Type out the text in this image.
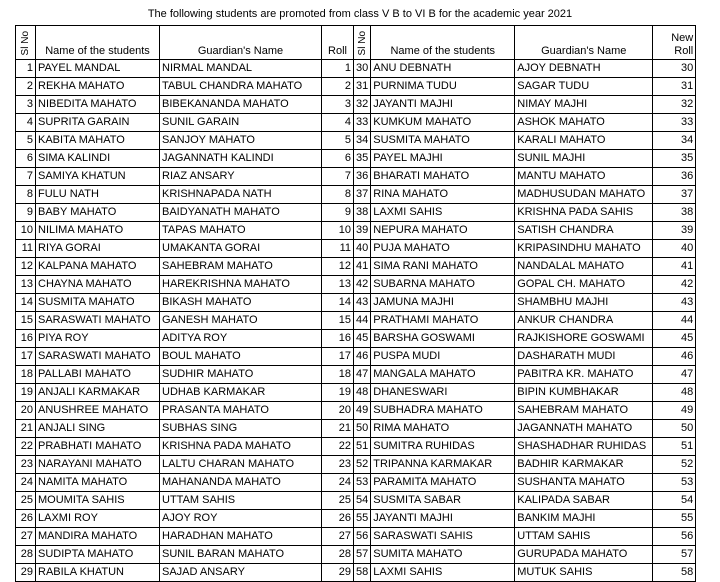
The following students are promoted from class V B to VI B for the academic year 2021
Sl No	Name of the students	Guardian's Name	Roll	Sl No	Name of the students	Guardian's Name	New Roll
1	PAYEL MANDAL	NIRMAL MANDAL	1	30	ANU DEBNATH	AJOY DEBNATH	30
2	REKHA MAHATO	TABUL CHANDRA MAHATO	2	31	PURNIMA TUDU	SAGAR TUDU	31
3	NIBEDITA MAHATO	BIBEKANANDA MAHATO	3	32	JAYANTI MAJHI	NIMAY MAJHI	32
4	SUPRITA GARAIN	SUNIL GARAIN	4	33	KUMKUM MAHATO	ASHOK MAHATO	33
5	KABITA MAHATO	SANJOY MAHATO	5	34	SUSMITA MAHATO	KARALI MAHATO	34
6	SIMA KALINDI	JAGANNATH KALINDI	6	35	PAYEL MAJHI	SUNIL MAJHI	35
7	SAMIYA KHATUN	RIAZ ANSARY	7	36	BHARATI MAHATO	MANTU MAHATO	36
8	FULU NATH	KRISHNAPADA NATH	8	37	RINA MAHATO	MADHUSUDAN MAHATO	37
9	BABY MAHATO	BAIDYANATH MAHATO	9	38	LAXMI SAHIS	KRISHNA PADA SAHIS	38
10	NILIMA MAHATO	TAPAS MAHATO	10	39	NEPURA MAHATO	SATISH CHANDRA	39
11	RIYA GORAI	UMAKANTA GORAI	11	40	PUJA MAHATO	KRIPASINDHU MAHATO	40
12	KALPANA MAHATO	SAHEBRAM MAHATO	12	41	SIMA RANI MAHATO	NANDALAL MAHATO	41
13	CHAYNA MAHATO	HAREKRISHNA MAHATO	13	42	SUBARNA MAHATO	GOPAL CH. MAHATO	42
14	SUSMITA MAHATO	BIKASH MAHATO	14	43	JAMUNA MAJHI	SHAMBHU MAJHI	43
15	SARASWATI MAHATO	GANESH MAHATO	15	44	PRATHAMI MAHATO	ANKUR CHANDRA	44
16	PIYA ROY	ADITYA ROY	16	45	BARSHA GOSWAMI	RAJKISHORE GOSWAMI	45
17	SARASWATI MAHATO	BOUL MAHATO	17	46	PUSPA MUDI	DASHARATH MUDI	46
18	PALLABI MAHATO	SUDHIR MAHATO	18	47	MANGALA MAHATO	PABITRA KR. MAHATO	47
19	ANJALI KARMAKAR	UDHAB KARMAKAR	19	48	DHANESWARI	BIPIN KUMBHAKAR	48
20	ANUSHREE MAHATO	PRASANTA MAHATO	20	49	SUBHADRA MAHATO	SAHEBRAM MAHATO	49
21	ANJALI SING	SUBHAS SING	21	50	RIMA MAHATO	JAGANNATH MAHATO	50
22	PRABHATI MAHATO	KRISHNA PADA MAHATO	22	51	SUMITRA RUHIDAS	SHASHADHAR RUHIDAS	51
23	NARAYANI MAHATO	LALTU CHARAN MAHATO	23	52	TRIPANNA KARMAKAR	BADHIR KARMAKAR	52
24	NAMITA MAHATO	MAHANANDA MAHATO	24	53	PARAMITA MAHATO	SUSHANTA MAHATO	53
25	MOUMITA SAHIS	UTTAM SAHIS	25	54	SUSMITA SABAR	KALIPADA SABAR	54
26	LAXMI ROY	AJOY ROY	26	55	JAYANTI MAJHI	BANKIM MAJHI	55
27	MANDIRA MAHATO	HARADHAN MAHATO	27	56	SARASWATI SAHIS	UTTAM SAHIS	56
28	SUDIPTA MAHATO	SUNIL BARAN MAHATO	28	57	SUMITA MAHATO	GURUPADA MAHATO	57
29	RABILA KHATUN	SAJAD ANSARY	29	58	LAXMI SAHIS	MUTUK SAHIS	58
